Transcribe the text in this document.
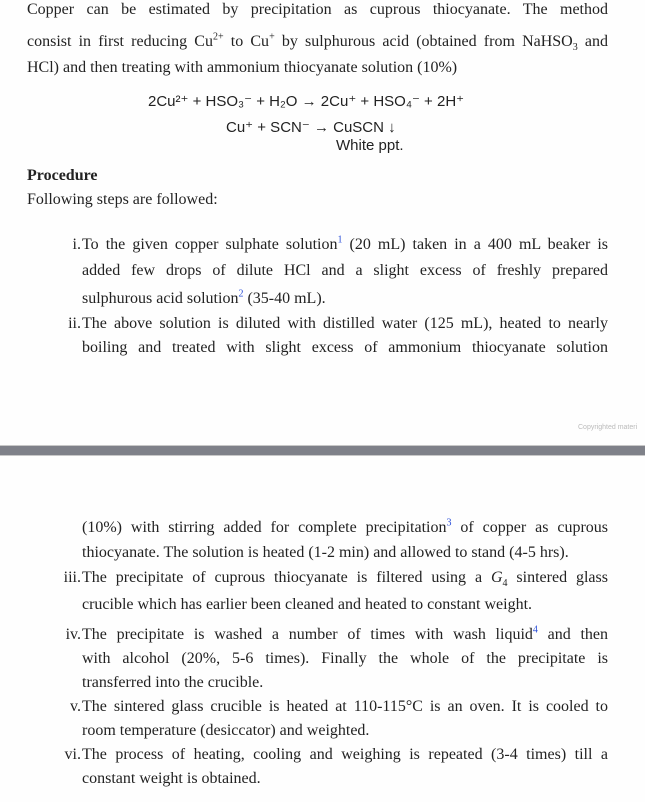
Copper can be estimated by precipitation as cuprous thiocyanate. The method
consist in first reducing $Cu^{2+}$ to Cu+ by sulphurous acid (obtained from NaHSO$_3$ and
HCl) and then treating with ammonium thiocyanate solution (10%)
2Cu²⁺ + HSO₃⁻ + H₂O → 2Cu⁺ + HSO₄⁻ + 2H⁺
Cu⁺ + SCN⁻ → CuSCN ↓
White ppt.
Procedure
Following steps are followed:
i. To the given copper sulphate solution$^1$ (20 mL) taken in a 400 mL beaker is
added few drops of dilute HCl and a slight excess of freshly prepared
sulphurous acid solution$^2$ (35-40 mL).
ii. The above solution is diluted with distilled water (125 mL), heated to nearly
boiling and treated with slight excess of ammonium thiocyanate solution
Copyrighted materi
(10%) with stirring added for complete precipitation$^3$ of copper as cuprous
thiocyanate. The solution is heated (1-2 min) and allowed to stand (4-5 hrs).
iii. The precipitate of cuprous thiocyanate is filtered using a $G_4$ sintered glass
crucible which has earlier been cleaned and heated to constant weight.
iv. The precipitate is washed a number of times with wash liquid$^4$ and then
with alcohol (20%, 5-6 times). Finally the whole of the precipitate is
transferred into the crucible.
v. The sintered glass crucible is heated at 110-115°C is an oven. It is cooled to
room temperature (desiccator) and weighted.
vi. The process of heating, cooling and weighing is repeated (3-4 times) till a
constant weight is obtained.
